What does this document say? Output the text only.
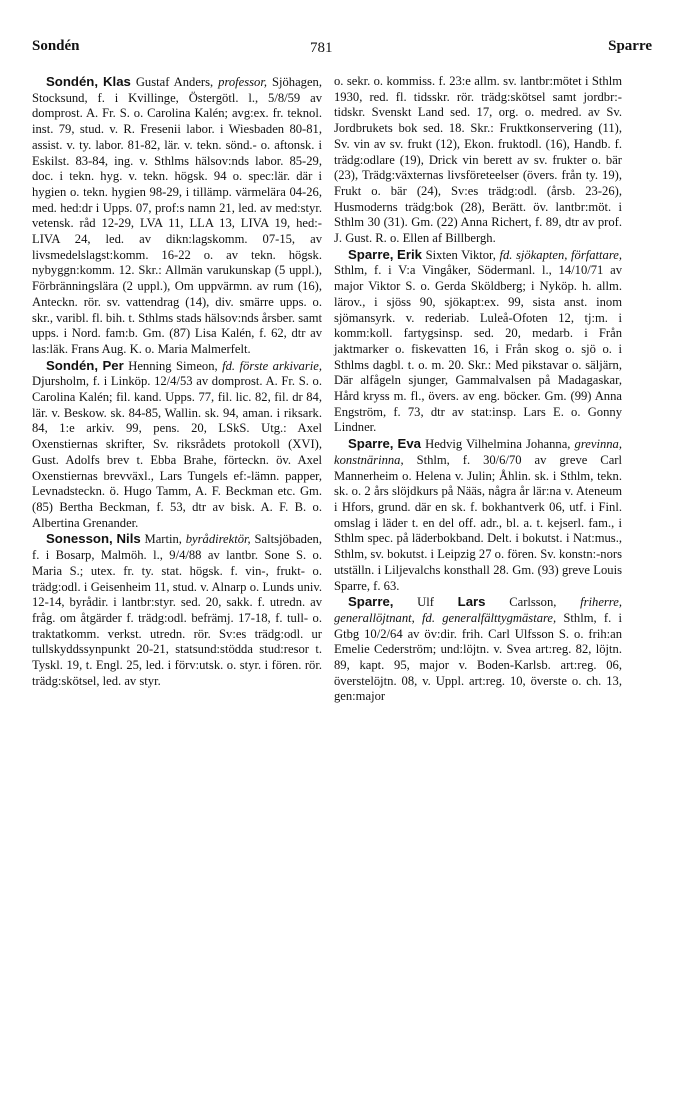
Sondén	781	Sparre

Sondén, Klas Gustaf Anders, professor, Sjöhagen, Stocksund, f. i Kvillinge, Östergötl. l., 5/8/59 av domprost. A. Fr. S. o. Carolina Kalén; avg:ex. fr. teknol. inst. 79, stud. v. R. Fresenii labor. i Wiesbaden 80-81, assist. v. ty. labor. 81-82, lär. v. tekn. sönd.- o. aftonsk. i Eskilst. 83-84, ing. v. Sthlms hälsov:nds labor. 85-29, doc. i tekn. hyg. v. tekn. högsk. 94 o. spec:lär. där i hygien o. tekn. hygien 98-29, i tillämp. värmelära 04-26, med. hed:dr i Upps. 07, prof:s namn 21, led. av med:styr. vetensk. råd 12-29, LVA 11, LLA 13, LIVA 19, hed:-LIVA 24, led. av dikn:lagskomm. 07-15, av livsmedelslagst:komm. 16-22 o. av tekn. högsk. nybyggn:komm. 12. Skr.: Allmän varukunskap (5 uppl.), Förbränningslära (2 uppl.), Om uppvärmn. av rum (16), Anteckn. rör. sv. vattendrag (14), div. smärre upps. o. skr., varibl. fl. bih. t. Sthlms stads hälsov:nds årsber. samt upps. i Nord. fam:b. Gm. (87) Lisa Kalén, f. 62, dtr av las:läk. Frans Aug. K. o. Maria Malmerfelt.

Sondén, Per Henning Simeon, fd. förste arkivarie, Djursholm, f. i Linköp. 12/4/53 av domprost. A. Fr. S. o. Carolina Kalén; fil. kand. Upps. 77, fil. lic. 82, fil. dr 84, lär. v. Beskow. sk. 84-85, Wallin. sk. 94, aman. i riksark. 84, 1:e arkiv. 99, pens. 20, LSkS. Utg.: Axel Oxenstiernas skrifter, Sv. riksrådets protokoll (XVI), Gust. Adolfs brev t. Ebba Brahe, förteckn. öv. Axel Oxenstiernas brevväxl., Lars Tungels ef:-lämn. papper, Levnadsteckn. ö. Hugo Tamm, A. F. Beckman etc. Gm. (85) Bertha Beckman, f. 53, dtr av bisk. A. F. B. o. Albertina Grenander.

Sonesson, Nils Martin, byrådirektör, Saltsjöbaden, f. i Bosarp, Malmöh. l., 9/4/88 av lantbr. Sone S. o. Maria S.; utex. fr. ty. stat. högsk. f. vin-, frukt- o. trädg:odl. i Geisenheim 11, stud. v. Alnarp o. Lunds univ. 12-14, byrådir. i lantbr:styr. sed. 20, sakk. f. utredn. av fråg. om åtgärder f. trädg:odl. befrämj. 17-18, f. tull- o. traktatkomm. verkst. utredn. rör. Sv:es trädg:odl. ur tullskyddssynpunkt 20-21, statsund:stödda stud:resor t. Tyskl. 19, t. Engl. 25, led. i förv:utsk. o. styr. i fören. rör. trädg:skötsel, led. av styr.

o. sekr. o. kommiss. f. 23:e allm. sv. lantbr:mötet i Sthlm 1930, red. fl. tidsskr. rör. trädg:skötsel samt jordbr:-tidskr. Svenskt Land sed. 17, org. o. medred. av Sv. Jordbrukets bok sed. 18. Skr.: Fruktkonservering (11), Sv. vin av sv. frukt (12), Ekon. fruktodl. (16), Handb. f. trädg:odlare (19), Drick vin berett av sv. frukter o. bär (23), Trädg:växternas livsföreteelser (övers. från ty. 19), Frukt o. bär (24), Sv:es trädg:odl. (årsb. 23-26), Husmoderns trädg:bok (28), Berätt. öv. lantbr:möt. i Sthlm 30 (31). Gm. (22) Anna Richert, f. 89, dtr av prof. J. Gust. R. o. Ellen af Billbergh.

Sparre, Erik Sixten Viktor, fd. sjökapten, författare, Sthlm, f. i V:a Vingåker, Södermanl. l., 14/10/71 av major Viktor S. o. Gerda Sköldberg; i Nyköp. h. allm. lärov., i sjöss 90, sjökapt:ex. 99, sista anst. inom sjömansyrk. v. rederiab. Luleå-Ofoten 12, tj:m. i komm:koll. fartygsinsp. sed. 20, medarb. i Från jaktmarker o. fiskevatten 16, i Från skog o. sjö o. i Sthlms dagbl. t. o. m. 20. Skr.: Med pikstavar o. säljärn, Där alfågeln sjunger, Gammalvalsen på Madagaskar, Hård kryss m. fl., övers. av eng. böcker. Gm. (99) Anna Engström, f. 73, dtr av stat:insp. Lars E. o. Gonny Lindner.

Sparre, Eva Hedvig Vilhelmina Johanna, grevinna, konstnärinna, Sthlm, f. 30/6/70 av greve Carl Mannerheim o. Helena v. Julin; Åhlin. sk. i Sthlm, tekn. sk. o. 2 års slöjdkurs på Nääs, några år lär:na v. Ateneum i Hfors, grund. där en sk. f. bokhantverk 06, utf. i Finl. omslag i läder t. en del off. adr., bl. a. t. kejserl. fam., i Sthlm spec. på läderbokband. Delt. i bokutst. i Nat:mus., Sthlm, sv. bokutst. i Leipzig 27 o. fören. Sv. konstn:-nors utställn. i Liljevalchs konsthall 28. Gm. (93) greve Louis Sparre, f. 63.

Sparre, Ulf Lars Carlsson, friherre, generallöjtnant, fd. generalfälttygmästare, Sthlm, f. i Gtbg 10/2/64 av öv:dir. frih. Carl Ulfsson S. o. frih:an Emelie Cederström; und:löjtn. v. Svea art:reg. 82, löjtn. 89, kapt. 95, major v. Boden-Karlsb. art:reg. 06, överstelöjtn. 08, v. Uppl. art:reg. 10, överste o. ch. 13, gen:major
